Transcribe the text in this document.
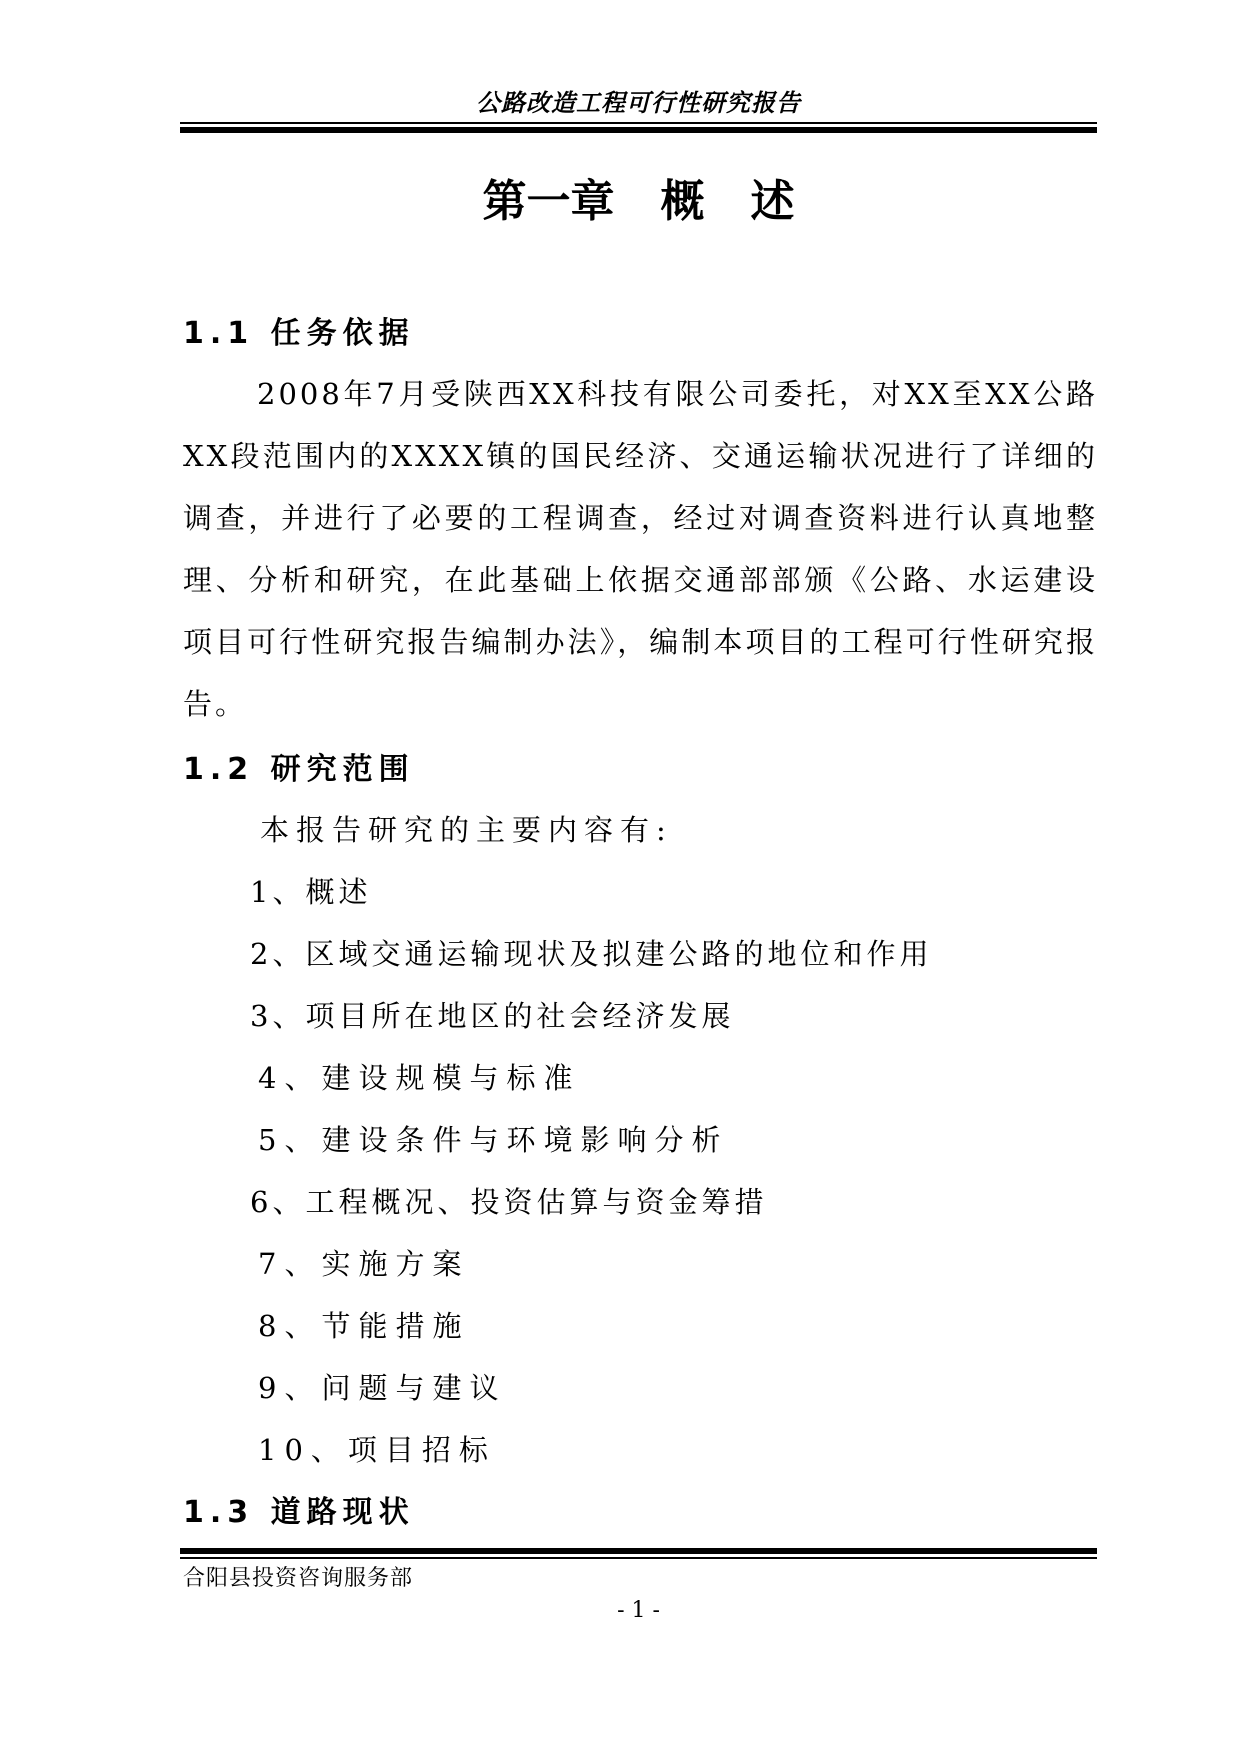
公路改造工程可行性研究报告
第一章   概   述
1.1 任务依据

2008年7月受陕西XX科技有限公司委托，对XX至XX公路XX段范围内的XXXX镇的国民经济、交通运输状况进行了详细的调查，并进行了必要的工程调查，经过对调查资料进行认真地整理、分析和研究，在此基础上依据交通部部颁《公路、水运建设项目可行性研究报告编制办法》，编制本项目的工程可行性研究报告。

1.2 研究范围
本报告研究的主要内容有:
1、概述
2、区域交通运输现状及拟建公路的地位和作用
3、项目所在地区的社会经济发展
4、建设规模与标准
5、建设条件与环境影响分析
6、工程概况、投资估算与资金筹措
7、实施方案
8、节能措施
9、问题与建议
10、项目招标
1.3 道路现状
合阳县投资咨询服务部
- 1 -
